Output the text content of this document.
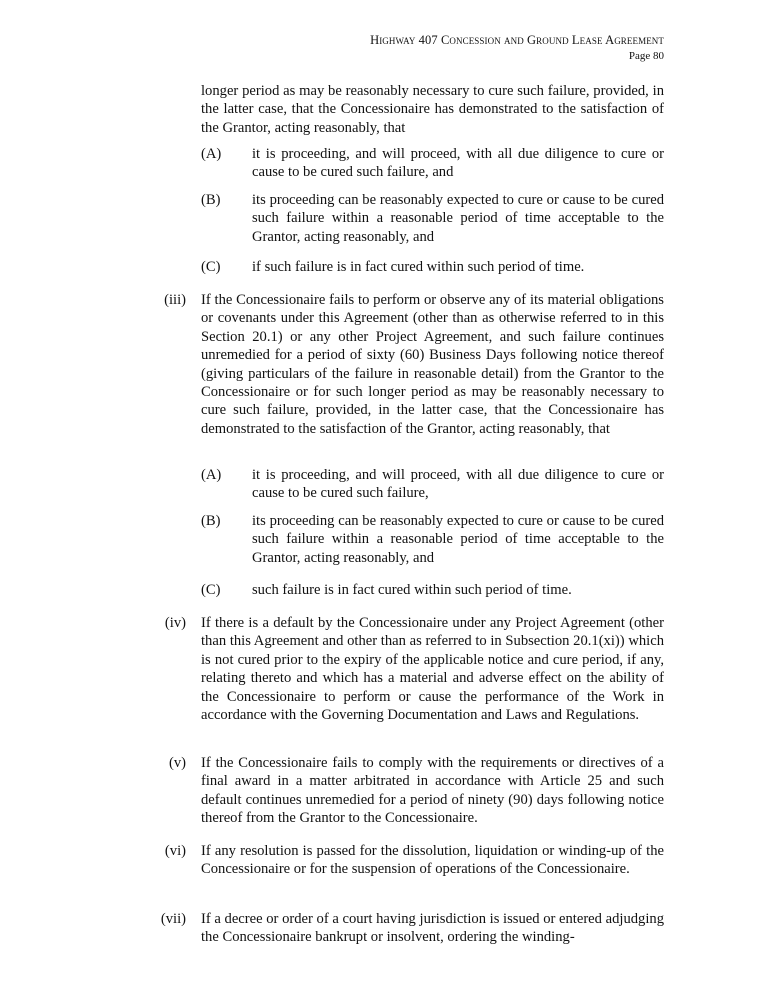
Highway 407 Concession and Ground Lease Agreement
Page 80
longer period as may be reasonably necessary to cure such failure, provided, in the latter case, that the Concessionaire has demonstrated to the satisfaction of the Grantor, acting reasonably, that
(A) it is proceeding, and will proceed, with all due diligence to cure or cause to be cured such failure, and
(B) its proceeding can be reasonably expected to cure or cause to be cured such failure within a reasonable period of time acceptable to the Grantor, acting reasonably, and
(C) if such failure is in fact cured within such period of time.
(iii) If the Concessionaire fails to perform or observe any of its material obligations or covenants under this Agreement (other than as otherwise referred to in this Section 20.1) or any other Project Agreement, and such failure continues unremedied for a period of sixty (60) Business Days following notice thereof (giving particulars of the failure in reasonable detail) from the Grantor to the Concessionaire or for such longer period as may be reasonably necessary to cure such failure, provided, in the latter case, that the Concessionaire has demonstrated to the satisfaction of the Grantor, acting reasonably, that
(A) it is proceeding, and will proceed, with all due diligence to cure or cause to be cured such failure,
(B) its proceeding can be reasonably expected to cure or cause to be cured such failure within a reasonable period of time acceptable to the Grantor, acting reasonably, and
(C) such failure is in fact cured within such period of time.
(iv) If there is a default by the Concessionaire under any Project Agreement (other than this Agreement and other than as referred to in Subsection 20.1(xi)) which is not cured prior to the expiry of the applicable notice and cure period, if any, relating thereto and which has a material and adverse effect on the ability of the Concessionaire to perform or cause the performance of the Work in accordance with the Governing Documentation and Laws and Regulations.
(v) If the Concessionaire fails to comply with the requirements or directives of a final award in a matter arbitrated in accordance with Article 25 and such default continues unremedied for a period of ninety (90) days following notice thereof from the Grantor to the Concessionaire.
(vi) If any resolution is passed for the dissolution, liquidation or winding-up of the Concessionaire or for the suspension of operations of the Concessionaire.
(vii) If a decree or order of a court having jurisdiction is issued or entered adjudging the Concessionaire bankrupt or insolvent, ordering the winding-
